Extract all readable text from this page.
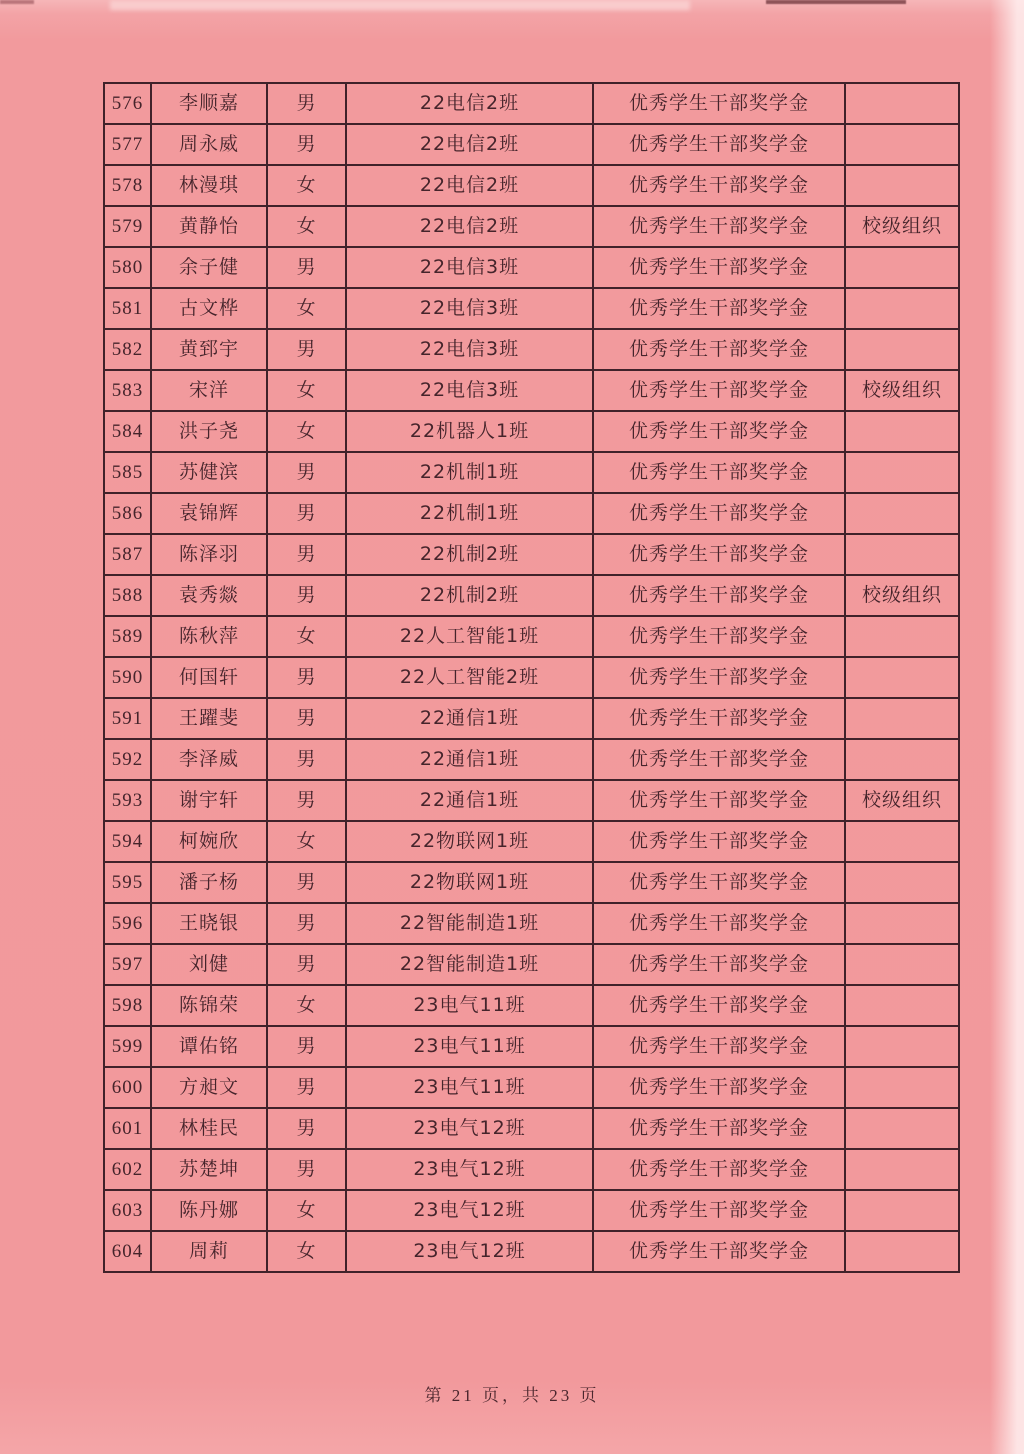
576	李顺嘉	男	22电信2班	优秀学生干部奖学金	
577	周永威	男	22电信2班	优秀学生干部奖学金	
578	林漫琪	女	22电信2班	优秀学生干部奖学金	
579	黄静怡	女	22电信2班	优秀学生干部奖学金	校级组织
580	余子健	男	22电信3班	优秀学生干部奖学金	
581	古文桦	女	22电信3班	优秀学生干部奖学金	
582	黄郅宇	男	22电信3班	优秀学生干部奖学金	
583	宋洋	女	22电信3班	优秀学生干部奖学金	校级组织
584	洪子尧	女	22机器人1班	优秀学生干部奖学金	
585	苏健滨	男	22机制1班	优秀学生干部奖学金	
586	袁锦辉	男	22机制1班	优秀学生干部奖学金	
587	陈泽羽	男	22机制2班	优秀学生干部奖学金	
588	袁秀燚	男	22机制2班	优秀学生干部奖学金	校级组织
589	陈秋萍	女	22人工智能1班	优秀学生干部奖学金	
590	何国轩	男	22人工智能2班	优秀学生干部奖学金	
591	王躍斐	男	22通信1班	优秀学生干部奖学金	
592	李泽威	男	22通信1班	优秀学生干部奖学金	
593	谢宇轩	男	22通信1班	优秀学生干部奖学金	校级组织
594	柯婉欣	女	22物联网1班	优秀学生干部奖学金	
595	潘子杨	男	22物联网1班	优秀学生干部奖学金	
596	王晓银	男	22智能制造1班	优秀学生干部奖学金	
597	刘健	男	22智能制造1班	优秀学生干部奖学金	
598	陈锦荣	女	23电气11班	优秀学生干部奖学金	
599	谭佑铭	男	23电气11班	优秀学生干部奖学金	
600	方昶文	男	23电气11班	优秀学生干部奖学金	
601	林桂民	男	23电气12班	优秀学生干部奖学金	
602	苏楚坤	男	23电气12班	优秀学生干部奖学金	
603	陈丹娜	女	23电气12班	优秀学生干部奖学金	
604	周莉	女	23电气12班	优秀学生干部奖学金	
第 21 页，共 23 页
